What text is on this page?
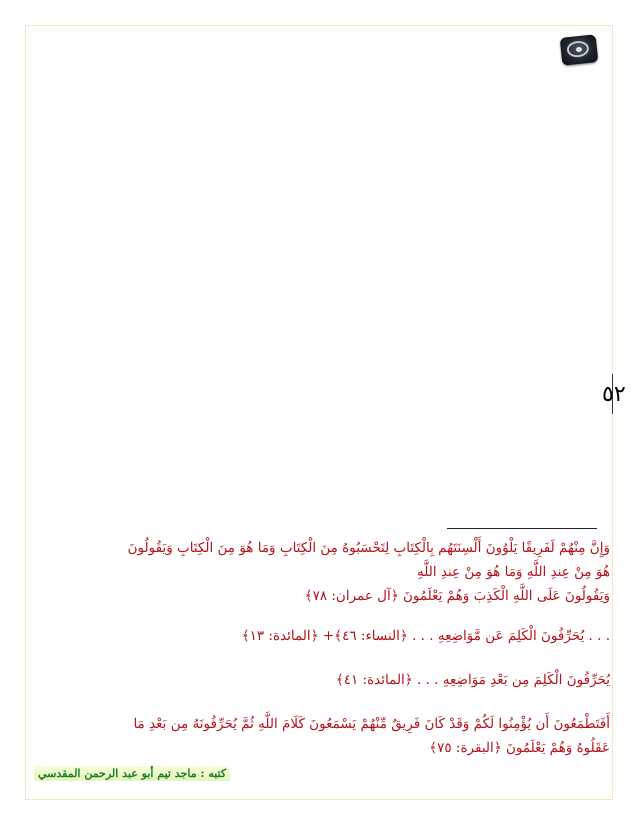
٥٢

وَإِنَّ مِنْهُمْ لَفَرِيقًا يَلْوُونَ أَلْسِنَتَهُم بِالْكِتَابِ لِتَحْسَبُوهُ مِنَ الْكِتَابِ وَمَا هُوَ مِنَ الْكِتَابِ وَيَقُولُونَ هُوَ مِنْ عِندِ اللَّهِ وَمَا هُوَ مِنْ عِندِ اللَّهِ

وَيَقُولُونَ عَلَى اللَّهِ الْكَذِبَ وَهُمْ يَعْلَمُونَ ﴿آل عمران: ٧٨﴾

. . . يُحَرِّفُونَ الْكَلِمَ عَن مَّوَاضِعِهِ . . . ﴿النساء: ٤٦﴾+ ﴿المائدة: ١٣﴾

يُحَرِّفُونَ الْكَلِمَ مِن بَعْدِ مَوَاضِعِهِ . . . ﴿المائدة: ٤١﴾

أَفَتَطْمَعُونَ أَن يُؤْمِنُوا لَكُمْ وَقَدْ كَانَ فَرِيقٌ مِّنْهُمْ يَسْمَعُونَ كَلَامَ اللَّهِ ثُمَّ يُحَرِّفُونَهُ مِن بَعْدِ مَا عَقَلُوهُ وَهُمْ يَعْلَمُونَ ﴿البقرة: ٧٥﴾

كتبه : ماجد تيم أبو عبد الرحمن المقدسي
